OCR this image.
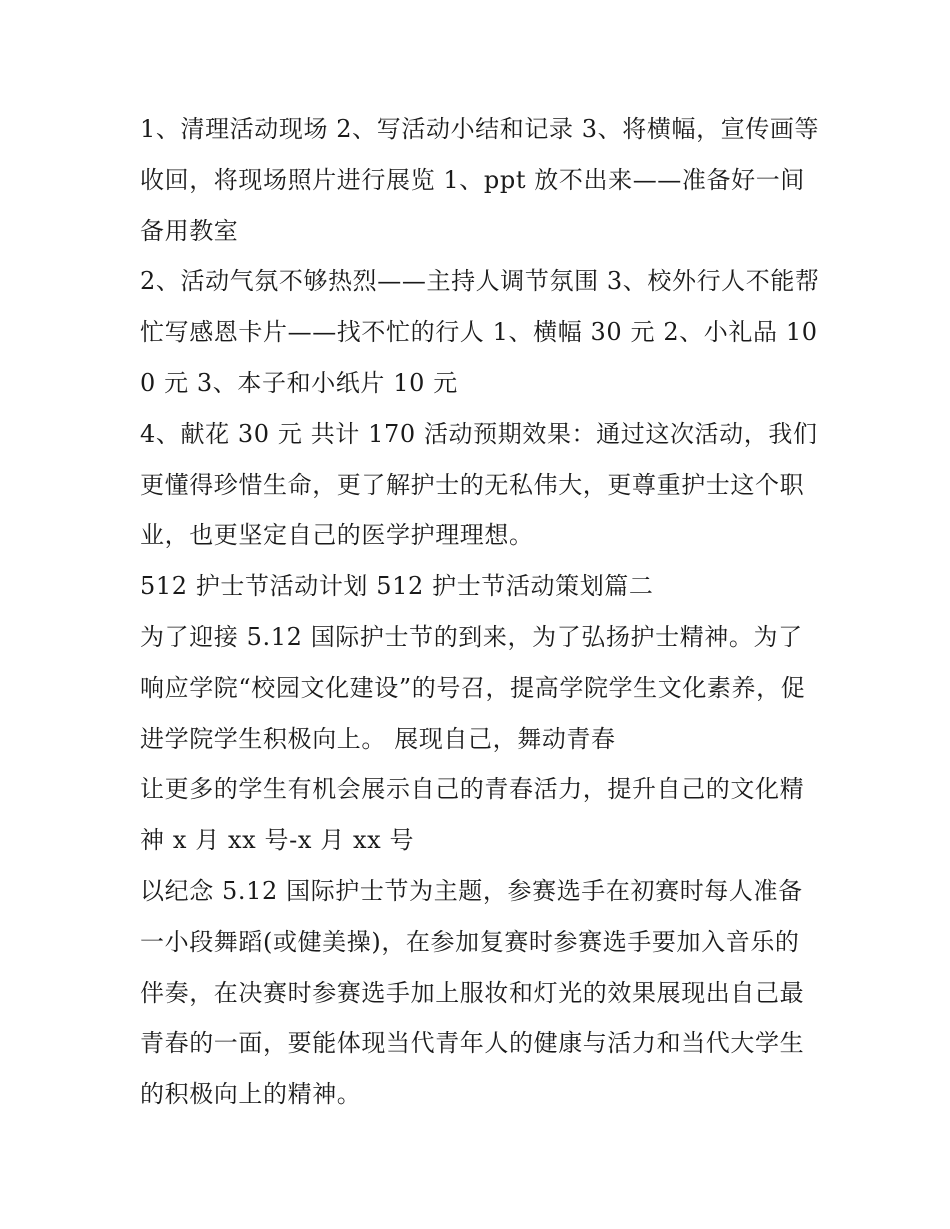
1、清理活动现场 2、写活动小结和记录 3、将横幅，宣传画等收回，将现场照片进行展览 1、ppt 放不出来——准备好一间备用教室

2、活动气氛不够热烈——主持人调节氛围 3、校外行人不能帮忙写感恩卡片——找不忙的行人 1、横幅 30 元 2、小礼品 100 元 3、本子和小纸片 10 元

4、献花 30 元 共计 170 活动预期效果：通过这次活动，我们更懂得珍惜生命，更了解护士的无私伟大，更尊重护士这个职业，也更坚定自己的医学护理理想。

512 护士节活动计划 512 护士节活动策划篇二

为了迎接 5.12 国际护士节的到来，为了弘扬护士精神。为了响应学院“校园文化建设”的号召，提高学院学生文化素养，促进学院学生积极向上。 展现自己，舞动青春

让更多的学生有机会展示自己的青春活力，提升自己的文化精神 x 月 xx 号-x 月 xx 号

以纪念 5.12 国际护士节为主题，参赛选手在初赛时每人准备一小段舞蹈(或健美操)，在参加复赛时参赛选手要加入音乐的伴奏，在决赛时参赛选手加上服妆和灯光的效果展现出自己最青春的一面，要能体现当代青年人的健康与活力和当代大学生的积极向上的精神。
